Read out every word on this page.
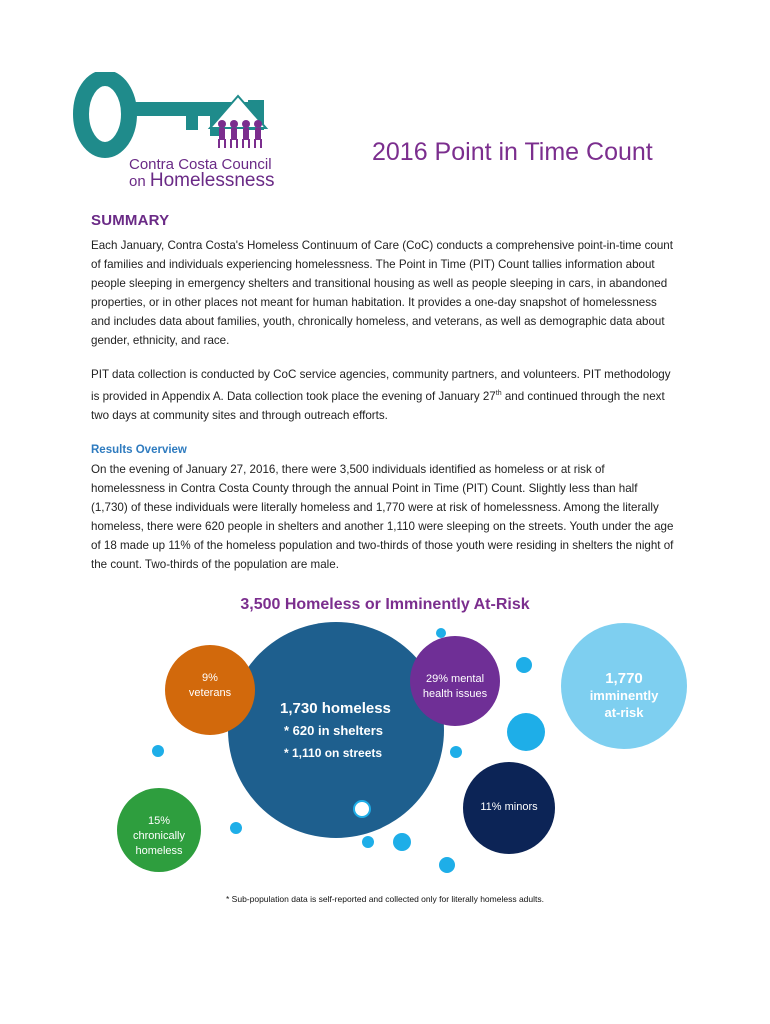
Contra Costa Council
on Homelessness
2016 Point in Time Count
SUMMARY

Each January, Contra Costa's Homeless Continuum of Care (CoC) conducts a comprehensive point-in-time count of families and individuals experiencing homelessness. The Point in Time (PIT) Count tallies information about people sleeping in emergency shelters and transitional housing as well as people sleeping in cars, in abandoned properties, or in other places not meant for human habitation. It provides a one-day snapshot of homelessness and includes data about families, youth, chronically homeless, and veterans, as well as demographic data about gender, ethnicity, and race.

PIT data collection is conducted by CoC service agencies, community partners, and volunteers. PIT methodology is provided in Appendix A. Data collection took place the evening of January 27th and continued through the next two days at community sites and through outreach efforts.

Results Overview

On the evening of January 27, 2016, there were 3,500 individuals identified as homeless or at risk of homelessness in Contra Costa County through the annual Point in Time (PIT) Count. Slightly less than half (1,730) of these individuals were literally homeless and 1,770 were at risk of homelessness. Among the literally homeless, there were 620 people in shelters and another 1,110 were sleeping on the streets. Youth under the age of 18 made up 11% of the homeless population and two-thirds of those youth were residing in shelters the night of the count. Two-thirds of the population are male.

3,500 Homeless or Imminently At-Risk
9%
veterans
1,730 homeless
* 620 in shelters
* 1,110 on streets
29% mental
health issues
1,770
imminently
at-risk
11% minors
15%
chronically
homeless
* Sub-population data is self-reported and collected only for literally homeless adults.
